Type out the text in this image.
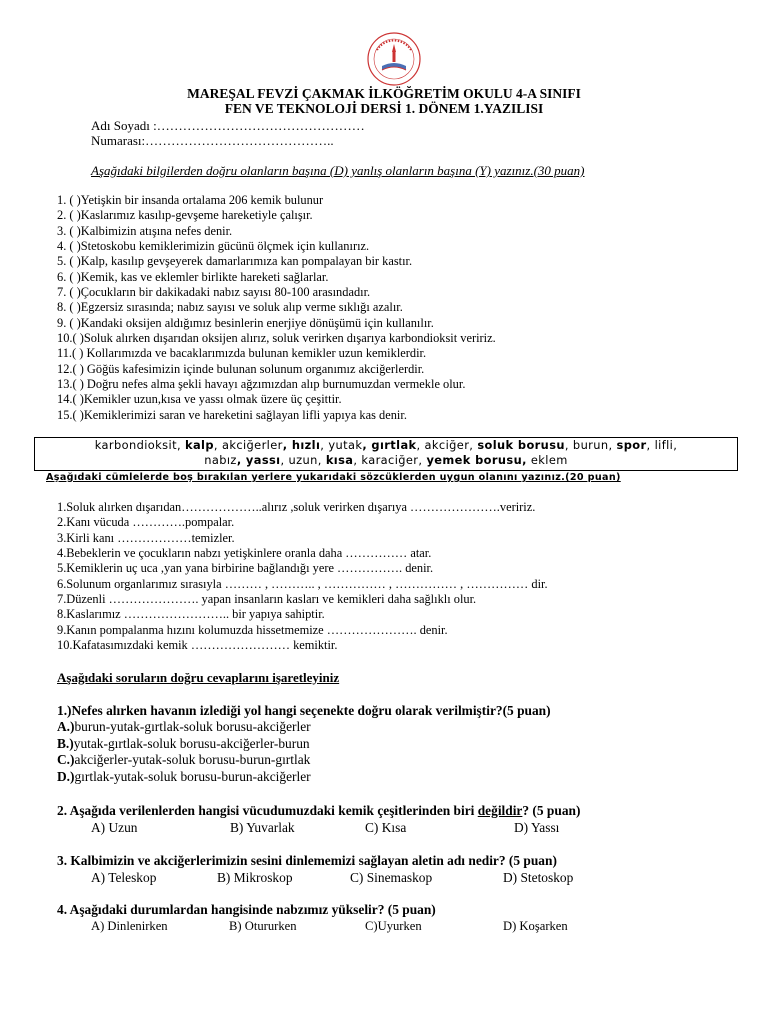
MAREŞAL FEVZİ ÇAKMAK İLKÖĞRETİM OKULU 4-A SINIFI
FEN VE TEKNOLOJİ DERSİ 1. DÖNEM 1.YAZILISI
Adı Soyadı :…………………………………………
Numarası:……………………………………..
Aşağıdaki bilgilerden doğru olanların başına (D) yanlış olanların başına (Y) yazınız.(30 puan)
1. ( )Yetişkin bir insanda ortalama 206 kemik bulunur
2. ( )Kaslarımız kasılıp-gevşeme hareketiyle çalışır.
3. ( )Kalbimizin atışına nefes denir.
4. ( )Stetoskobu kemiklerimizin gücünü ölçmek için kullanırız.
5. ( )Kalp, kasılıp gevşeyerek damarlarımıza kan pompalayan bir kastır.
6. ( )Kemik, kas ve eklemler birlikte hareketi sağlarlar.
7. ( )Çocukların bir dakikadaki nabız sayısı 80-100 arasındadır.
8. ( )Egzersiz sırasında; nabız sayısı ve soluk alıp verme sıklığı azalır.
9. ( )Kandaki oksijen aldığımız besinlerin enerjiye dönüşümü için kullanılır.
10.( )Soluk alırken dışarıdan oksijen alırız, soluk verirken dışarıya karbondioksit veririz.
11.( ) Kollarımızda ve bacaklarımızda bulunan kemikler uzun kemiklerdir.
12.( ) Göğüs kafesimizin içinde bulunan solunum organımız akciğerlerdir.
13.( ) Doğru nefes alma şekli havayı ağzımızdan alıp burnumuzdan vermekle olur.
14.( )Kemikler uzun,kısa ve yassı olmak üzere üç çeşittir.
15.( )Kemiklerimizi saran ve hareketini sağlayan lifli yapıya kas denir.
karbondioksit, kalp, akciğerler, hızlı, yutak, gırtlak, akciğer, soluk borusu, burun, spor, lifli,
nabız, yassı, uzun, kısa, karaciğer, yemek borusu, eklem
Aşağıdaki cümlelerde boş bırakılan yerlere yukarıdaki sözcüklerden uygun olanını yazınız.(20 puan)
1.Soluk alırken dışarıdan………………..alırız ,soluk verirken dışarıya ………………….veririz.
2.Kanı vücuda ………….pompalar.
3.Kirli kanı ………………temizler.
4.Bebeklerin ve çocukların nabzı yetişkinlere oranla daha …………… atar.
5.Kemiklerin uç uca ,yan yana birbirine bağlandığı yere ……………. denir.
6.Solunum organlarımız sırasıyla ……… , ……….. , …………… , …………… , …………… dir.
7.Düzenli …………………. yapan insanların kasları ve kemikleri daha sağlıklı olur.
8.Kaslarımız …………………….. bir yapıya sahiptir.
9.Kanın pompalanma hızını kolumuzda hissetmemize …………………. denir.
10.Kafatasımızdaki kemik …………………… kemiktir.
Aşağıdaki soruların doğru cevaplarını işaretleyiniz
1.)Nefes alırken havanın izlediği yol hangi seçenekte doğru olarak verilmiştir?(5 puan)
A.)burun-yutak-gırtlak-soluk borusu-akciğerler
B.)yutak-gırtlak-soluk borusu-akciğerler-burun
C.)akciğerler-yutak-soluk borusu-burun-gırtlak
D.)gırtlak-yutak-soluk borusu-burun-akciğerler
2. Aşağıda verilenlerden hangisi vücudumuzdaki kemik çeşitlerinden biri değildir? (5 puan)
A) Uzun	B) Yuvarlak	C) Kısa	D) Yassı
3. Kalbimizin ve akciğerlerimizin sesini dinlememizi sağlayan aletin adı nedir? (5 puan)
A) Teleskop	B) Mikroskop	C) Sinemaskop	D) Stetoskop
4. Aşağıdaki durumlardan hangisinde nabzımız yükselir? (5 puan)
A) Dinlenirken	B) Otururken	C)Uyurken	D) Koşarken
